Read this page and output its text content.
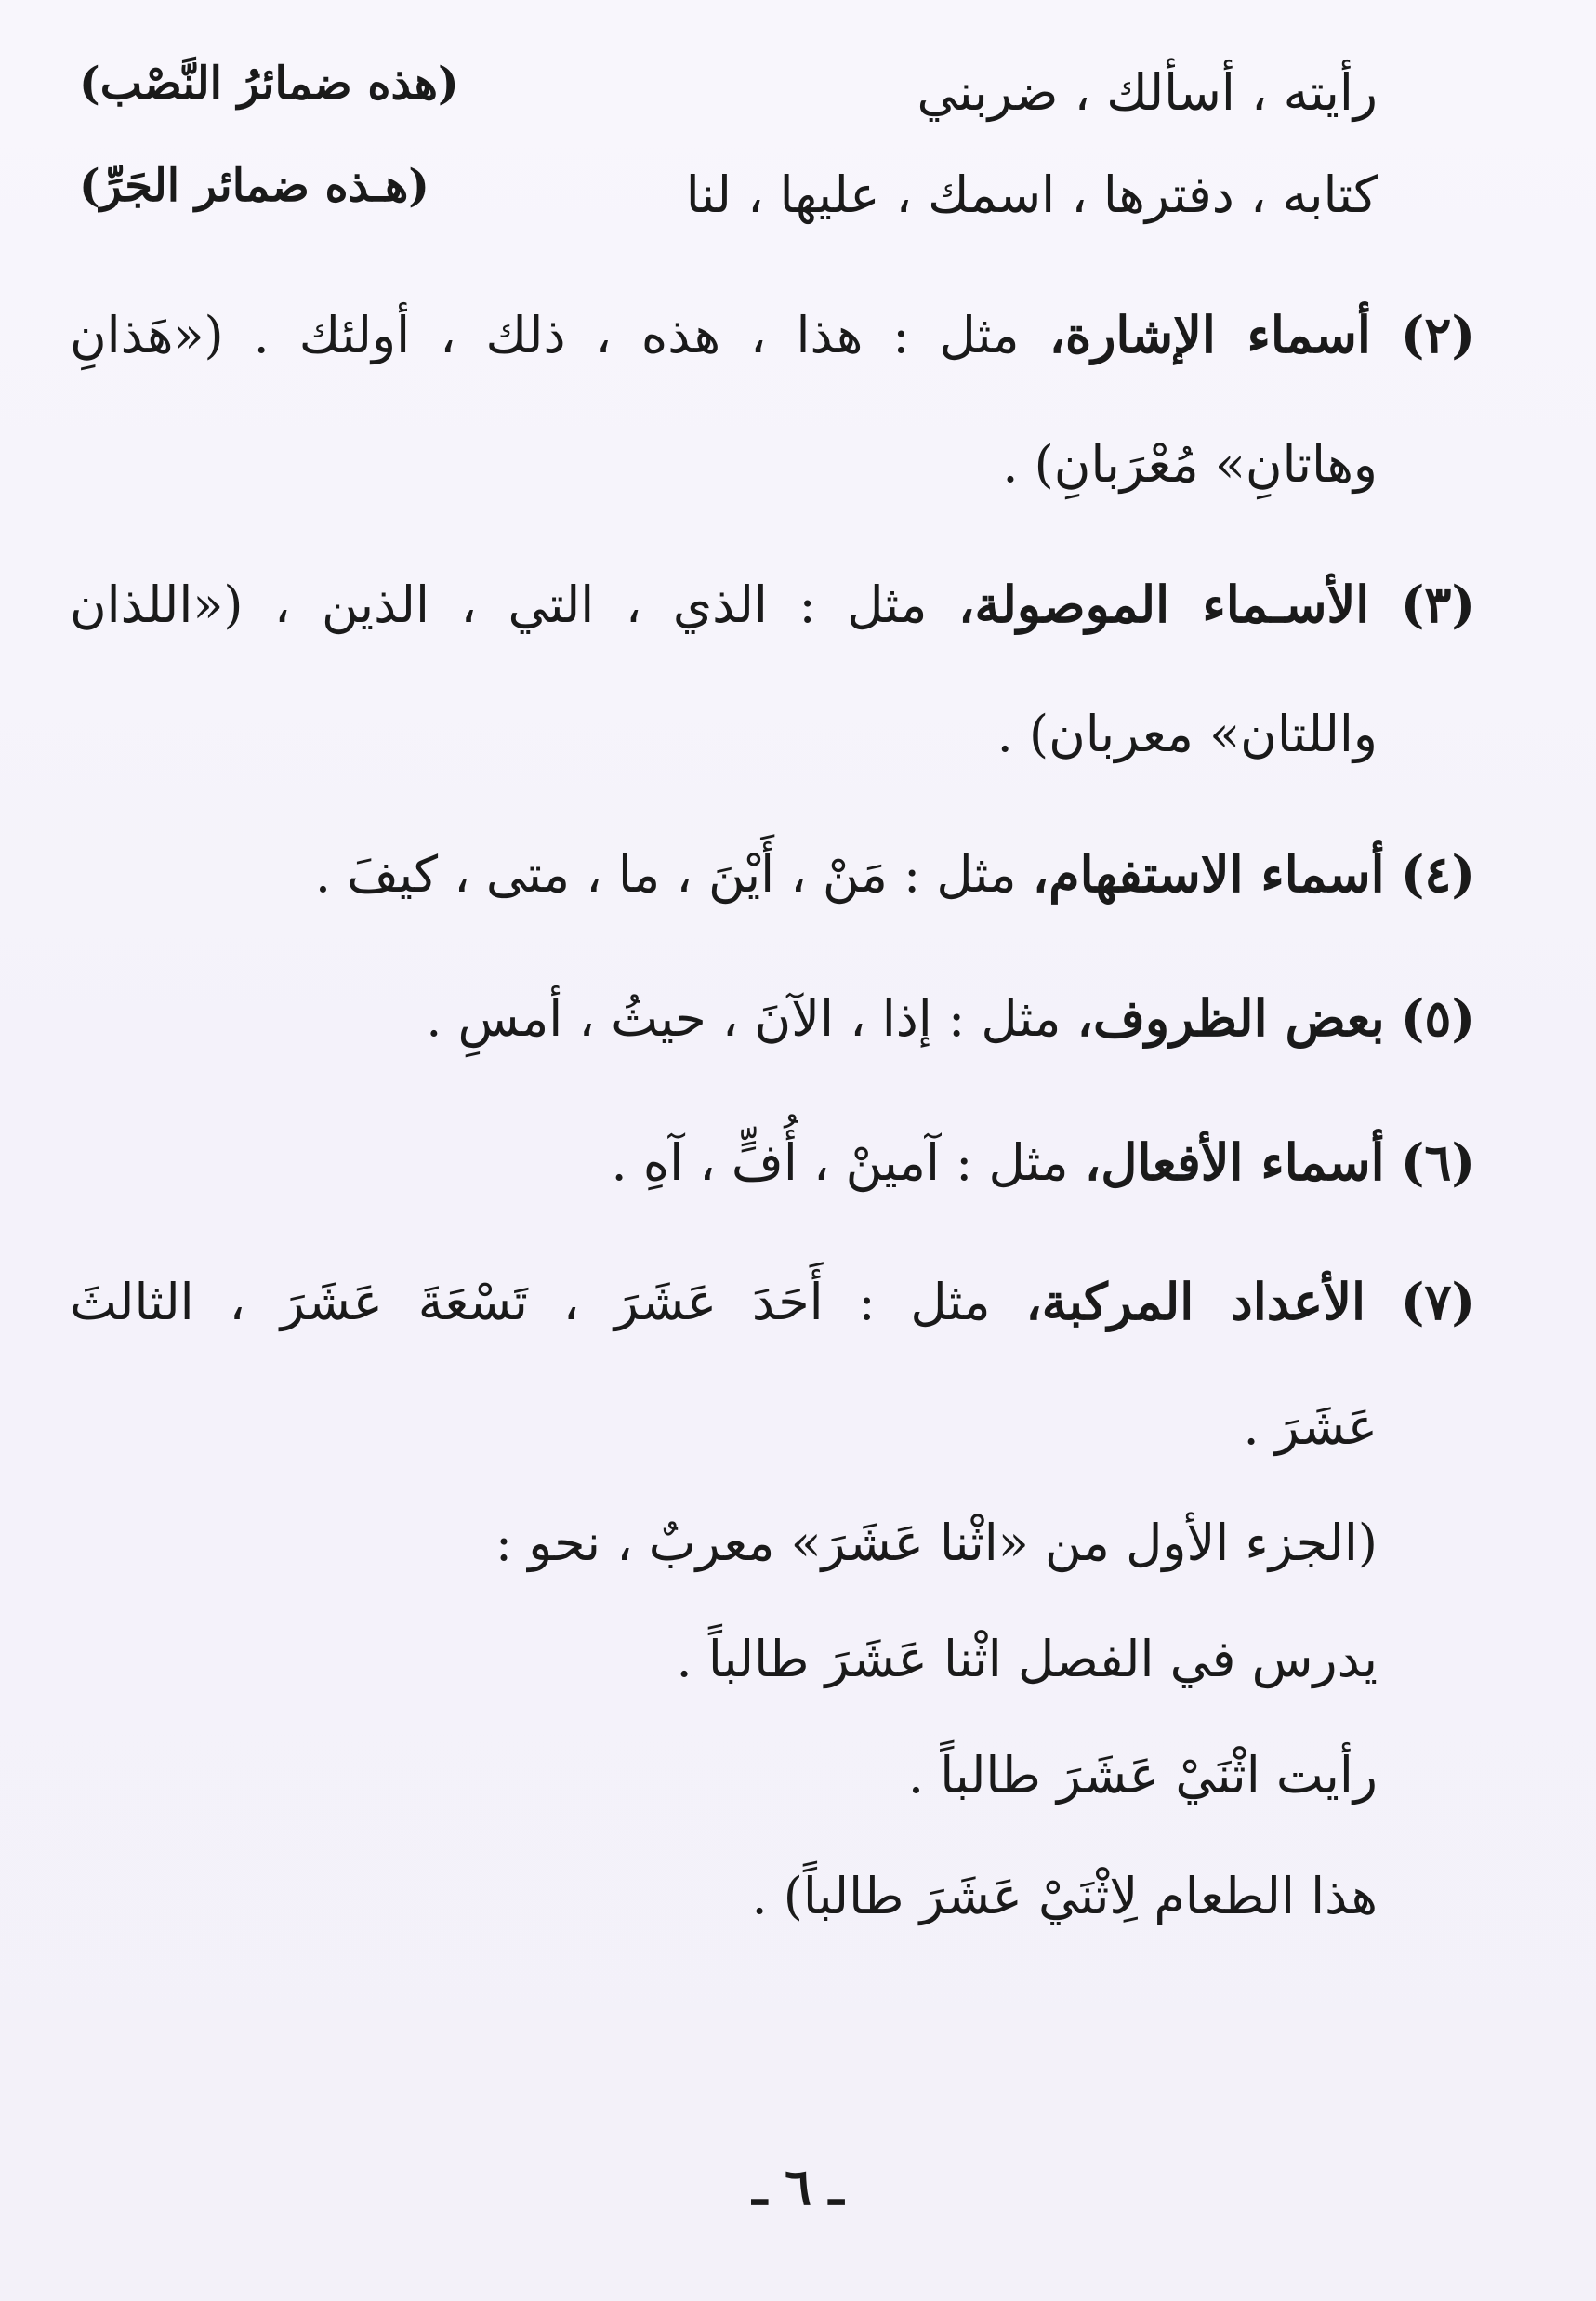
رأيته ، أسألك ، ضربني
(هذه ضمائرُ النَّصْب)
كتابه ، دفترها ، اسمك ، عليها ، لنا
(هـذه ضمائر الجَرِّ)
(٢) أسماء الإشارة، مثل : هذا ، هذه ، ذلك ، أولئك . («هَذانِ
وهاتانِ» مُعْرَبانِ) .
(٣) الأسـماء الموصولة، مثل : الذي ، التي ، الذين ، («اللذان
واللتان» معربان) .
(٤) أسماء الاستفهام، مثل : مَنْ ، أَيْنَ ، ما ، متى ، كيفَ .
(٥) بعض الظروف، مثل : إذا ، الآنَ ، حيثُ ، أمسِ .
(٦) أسماء الأفعال، مثل : آمينْ ، أُفٍّ ، آهِ .
(٧) الأعداد المركبة، مثل : أَحَدَ عَشَرَ ، تَسْعَةَ عَشَرَ ، الثالثَ
عَشَرَ .
(الجزء الأول من «اثْنا عَشَرَ» معربٌ ، نحو :
يدرس في الفصل اثْنا عَشَرَ طالباً .
رأيت اثْنَيْ عَشَرَ طالباً .
هذا الطعام لِاثْنَيْ عَشَرَ طالباً) .
ـ ٦ ـ
